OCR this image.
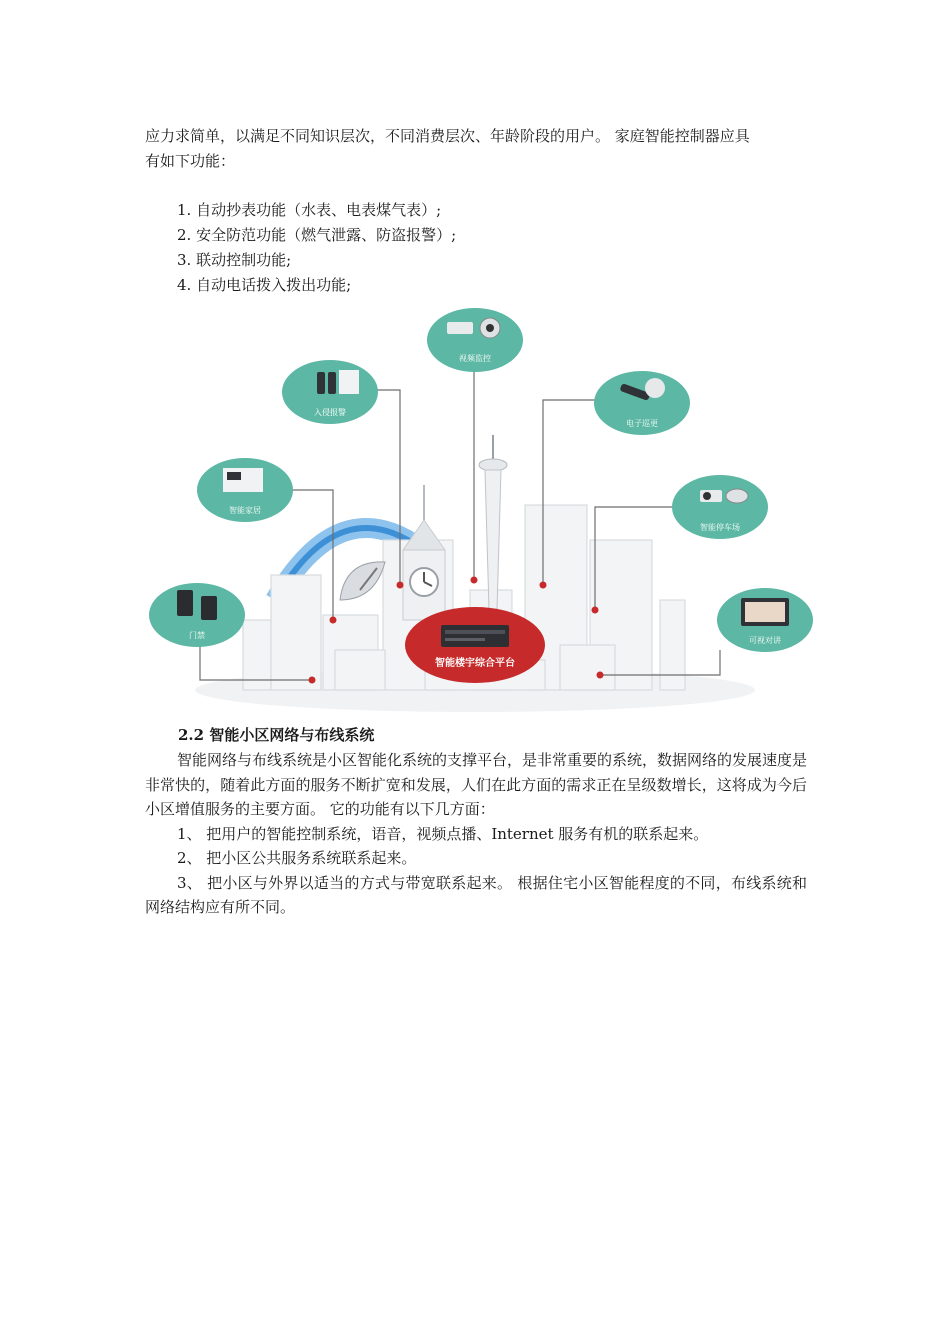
应力求简单，以满足不同知识层次，不同消费层次、年龄阶段的用户。 家庭智能控制器应具

有如下功能：

1. 自动抄表功能（水表、电表煤气表）;
2. 安全防范功能（燃气泄露、防盗报警）;
3. 联动控制功能;
4. 自动电话拨入拨出功能;
智能楼宇综合平台
视频监控
入侵报警
电子巡更
智能家居
智能停车场
门禁
可视对讲
2.2 智能小区网络与布线系统

智能网络与布线系统是小区智能化系统的支撑平台，是非常重要的系统，数据网络的发展速度是非常快的，随着此方面的服务不断扩宽和发展，人们在此方面的需求正在呈级数增长，这将成为今后小区增值服务的主要方面。 它的功能有以下几方面：

1、 把用户的智能控制系统，语音，视频点播、Internet 服务有机的联系起来。

2、 把小区公共服务系统联系起来。

3、 把小区与外界以适当的方式与带宽联系起来。 根据住宅小区智能程度的不同，布线系统和网络结构应有所不同。
